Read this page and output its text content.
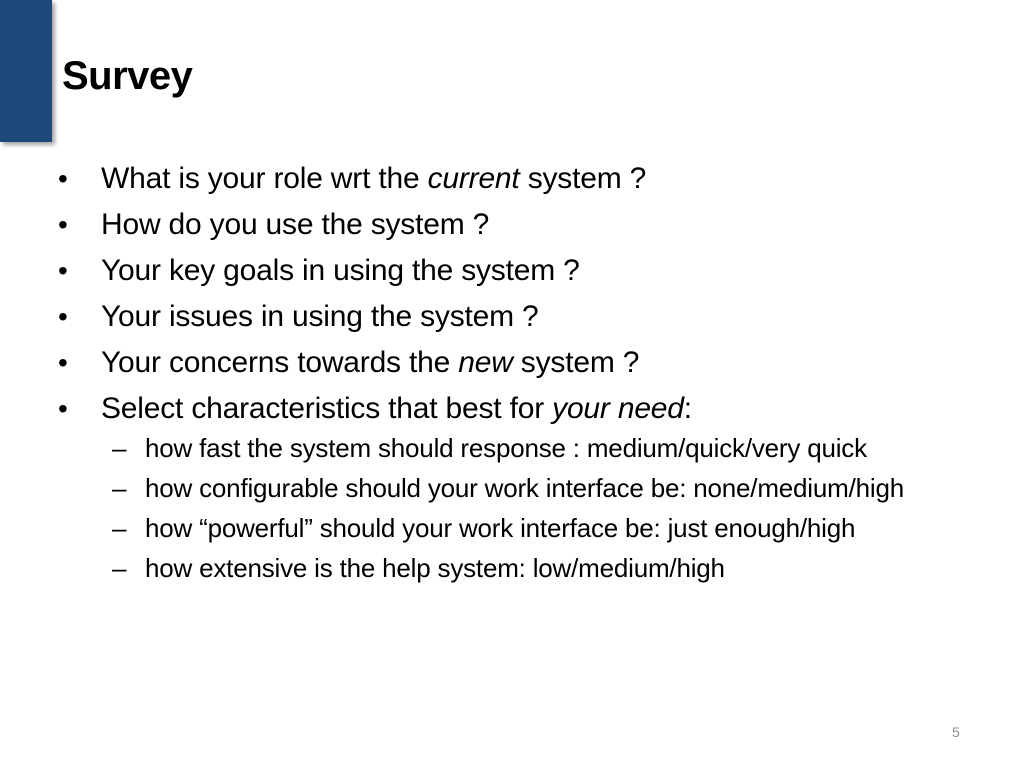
Survey
• What is your role wrt the current system ?
• How do you use the system ?
• Your key goals in using the system ?
• Your issues in using the system ?
• Your concerns towards the new system ?
• Select characteristics that best for your need:
– how fast the system should response : medium/quick/very quick
– how configurable should your work interface be: none/medium/high
– how “powerful” should your work interface be: just enough/high
– how extensive is the help system: low/medium/high
5
